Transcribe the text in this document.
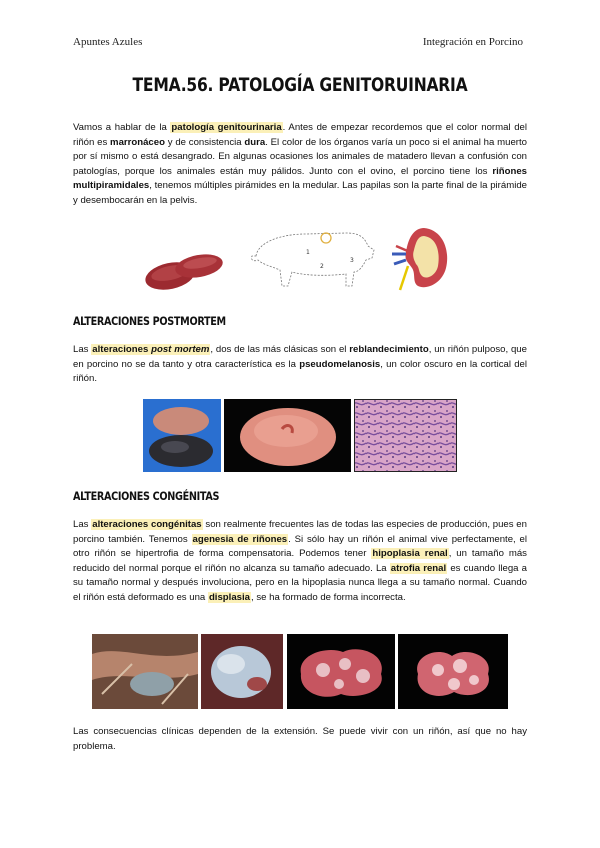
Apuntes Azules	Integración en Porcino
TEMA.56. PATOLOGÍA GENITORUINARIA

Vamos a hablar de la patología genitourinaria. Antes de empezar recordemos que el color normal del riñón es marronáceo y de consistencia dura. El color de los órganos varía un poco si el animal ha muerto por sí mismo o está desangrado. En algunas ocasiones los animales de matadero llevan a confusión con patologías, porque los animales están muy pálidos. Junto con el ovino, el porcino tiene los riñones multipiramidales, tenemos múltiples pirámides en la medular. Las papilas son la parte final de la pirámide y desembocarán en la pelvis.

1
2
3
ALTERACIONES POSTMORTEM

Las alteraciones post mortem, dos de las más clásicas son el reblandecimiento, un riñón pulposo, que en porcino no se da tanto y otra característica es la pseudomelanosis, un color oscuro en la cortical del riñón.

ALTERACIONES CONGÉNITAS

Las alteraciones congénitas son realmente frecuentes las de todas las especies de producción, pues en porcino también. Tenemos agenesia de riñones. Si sólo hay un riñón el animal vive perfectamente, el otro riñón se hipertrofia de forma compensatoria. Podemos tener hipoplasia renal, un tamaño más reducido del normal porque el riñón no alcanza su tamaño adecuado. La atrofia renal es cuando llega a su tamaño normal y después involuciona, pero en la hipoplasia nunca llega a su tamaño normal. Cuando el riñón está deformado es una displasia, se ha formado de forma incorrecta.

Las consecuencias clínicas dependen de la extensión. Se puede vivir con un riñón, así que no hay problema.
